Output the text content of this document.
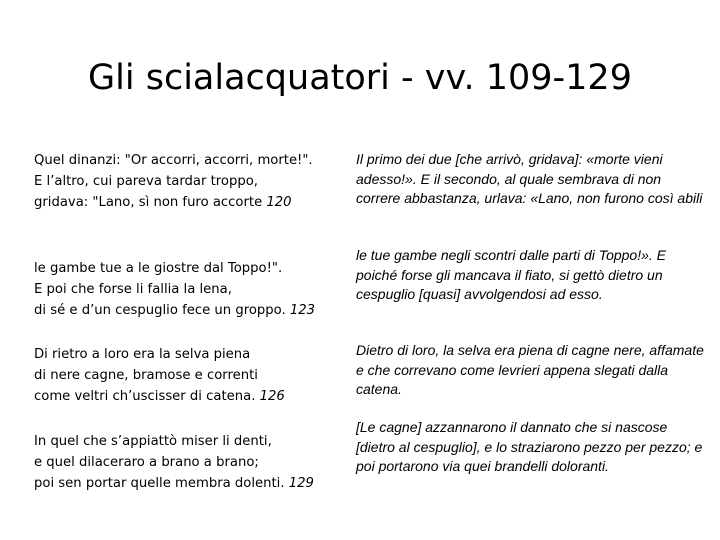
Gli scialacquatori - vv. 109-129
Quel dinanzi: "Or accorri, accorri, morte!".
E l’altro, cui pareva tardar troppo,
gridava: "Lano, sì non furo accorte 120
Il primo dei due [che arrivò, gridava]: «morte vieni adesso!». E il secondo, al quale sembrava di non correre abbastanza, urlava: «Lano, non furono così abili
le gambe tue a le giostre dal Toppo!".
E poi che forse li fallia la lena,
di sé e d’un cespuglio fece un groppo. 123
le tue gambe negli scontri dalle parti di Toppo!». E poiché forse gli mancava il fiato, si gettò dietro un cespuglio [quasi] avvolgendosi ad esso.
Di rietro a loro era la selva piena
di nere cagne, bramose e correnti
come veltri ch’uscisser di catena. 126
Dietro di loro, la selva era piena di cagne nere, affamate e che correvano come levrieri appena slegati dalla catena.
In quel che s’appiattò miser li denti,
e quel dilaceraro a brano a brano;
poi sen portar quelle membra dolenti. 129
[Le cagne] azzannarono il dannato che si nascose [dietro al cespuglio], e lo straziarono pezzo per pezzo; e poi portarono via quei brandelli doloranti.
